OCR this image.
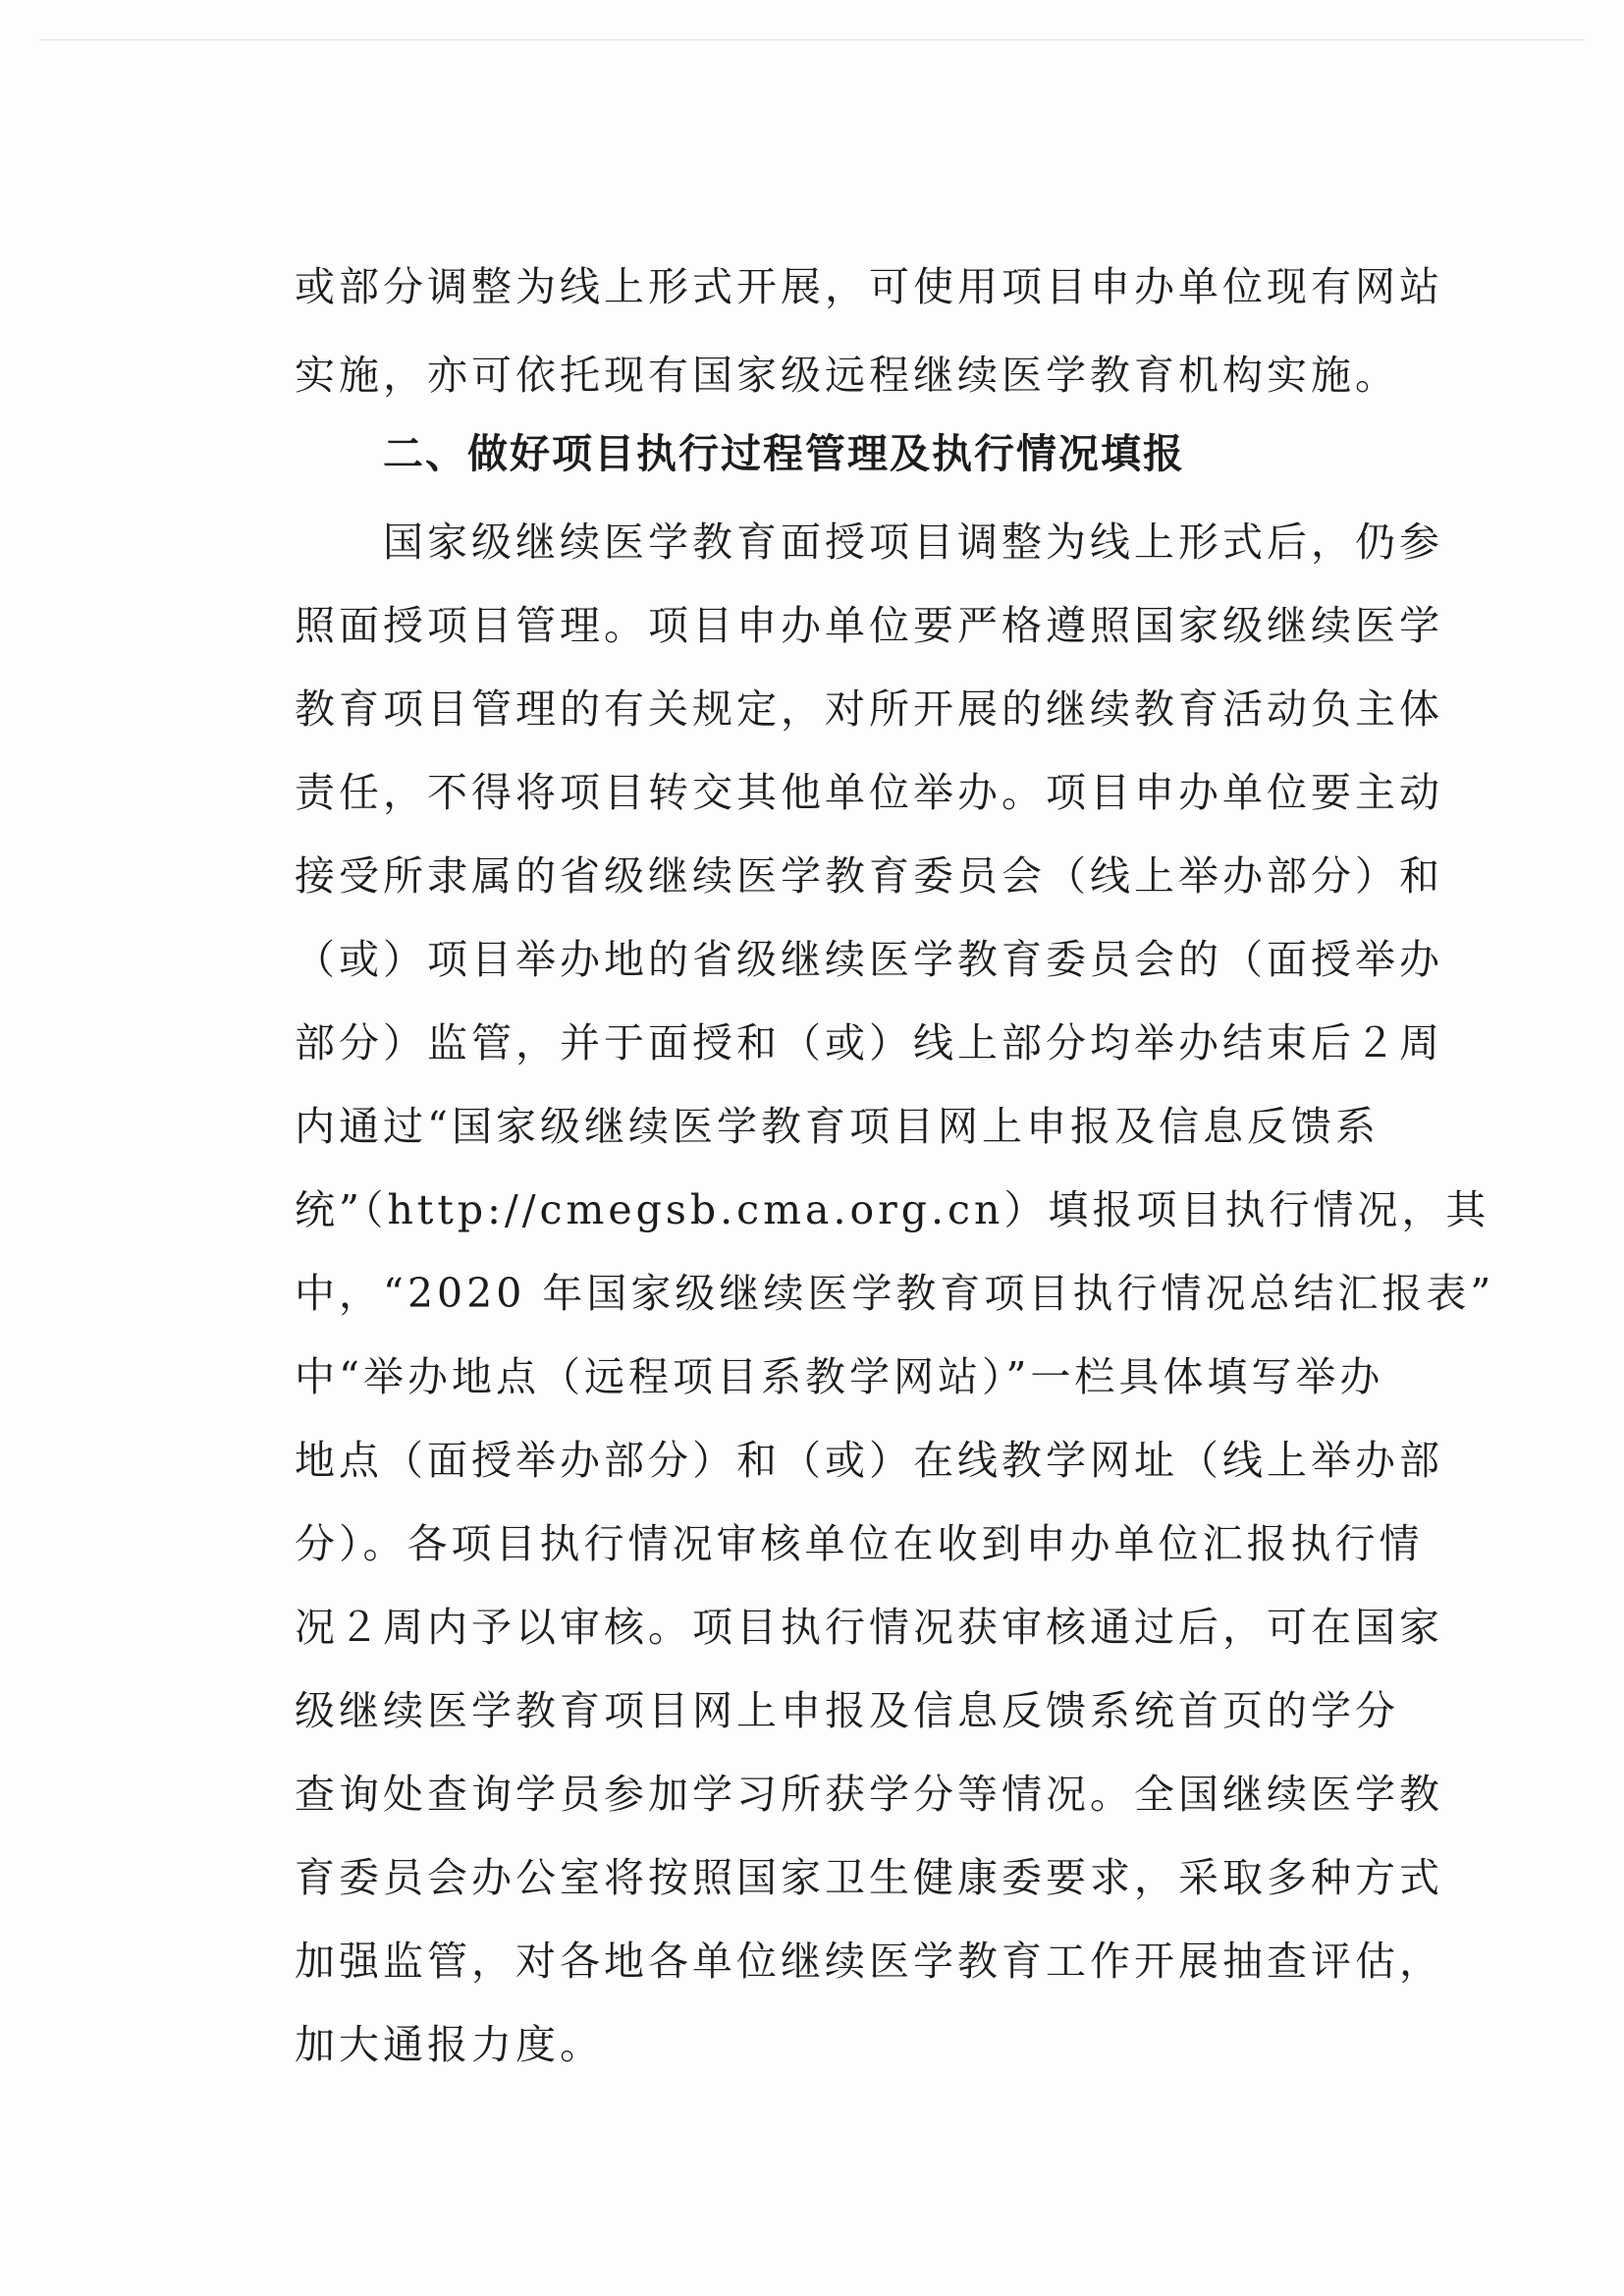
或部分调整为线上形式开展，可使用项目申办单位现有网站
实施，亦可依托现有国家级远程继续医学教育机构实施。
二、做好项目执行过程管理及执行情况填报
国家级继续医学教育面授项目调整为线上形式后，仍参
照面授项目管理。项目申办单位要严格遵照国家级继续医学
教育项目管理的有关规定，对所开展的继续教育活动负主体
责任，不得将项目转交其他单位举办。项目申办单位要主动
接受所隶属的省级继续医学教育委员会（线上举办部分）和
（或）项目举办地的省级继续医学教育委员会的（面授举办
部分）监管，并于面授和（或）线上部分均举办结束后２周
内通过“国家级继续医学教育项目网上申报及信息反馈系
统”（http://cmegsb.cma.org.cn）填报项目执行情况，其
中，“2020 年国家级继续医学教育项目执行情况总结汇报表”
中“举办地点（远程项目系教学网站）”一栏具体填写举办
地点（面授举办部分）和（或）在线教学网址（线上举办部
分）。各项目执行情况审核单位在收到申办单位汇报执行情
况２周内予以审核。项目执行情况获审核通过后，可在国家
级继续医学教育项目网上申报及信息反馈系统首页的学分
查询处查询学员参加学习所获学分等情况。全国继续医学教
育委员会办公室将按照国家卫生健康委要求，采取多种方式
加强监管，对各地各单位继续医学教育工作开展抽查评估，
加大通报力度。
